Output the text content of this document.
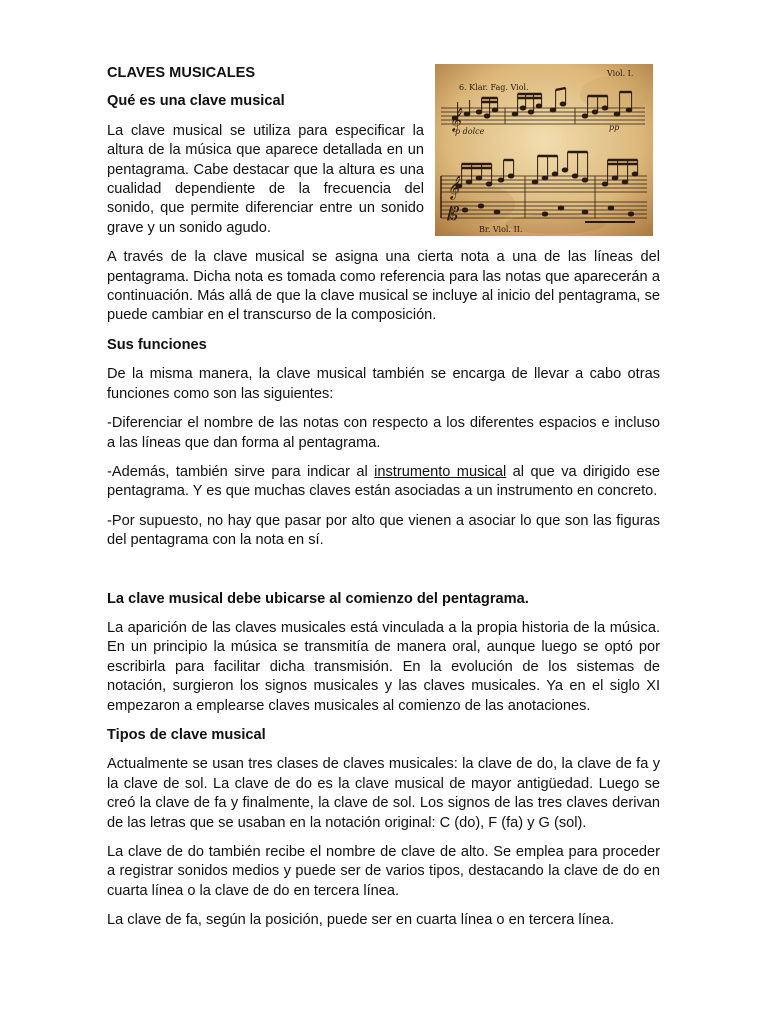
𝄞
𝄞
𝄡
6. Klar. Fag. Viol.
Viol. I.
p dolce	pp
Br. Viol. II.
CLAVES MUSICALES
Qué es una clave musical

La clave musical se utiliza para especificar la altura de la música que aparece detallada en un pentagrama. Cabe destacar que la altura es una cualidad dependiente de la frecuencia del sonido, que permite diferenciar entre un sonido grave y un sonido agudo.

A través de la clave musical se asigna una cierta nota a una de las líneas del pentagrama. Dicha nota es tomada como referencia para las notas que aparecerán a continuación. Más allá de que la clave musical se incluye al inicio del pentagrama, se puede cambiar en el transcurso de la composición.

Sus funciones

De la misma manera, la clave musical también se encarga de llevar a cabo otras funciones como son las siguientes:

-Diferenciar el nombre de las notas con respecto a los diferentes espacios e incluso a las líneas que dan forma al pentagrama.

-Además, también sirve para indicar al instrumento musical al que va dirigido ese pentagrama. Y es que muchas claves están asociadas a un instrumento en concreto.

-Por supuesto, no hay que pasar por alto que vienen a asociar lo que son las figuras del pentagrama con la nota en sí.

La clave musical debe ubicarse al comienzo del pentagrama.

La aparición de las claves musicales está vinculada a la propia historia de la música. En un principio la música se transmitía de manera oral, aunque luego se optó por escribirla para facilitar dicha transmisión. En la evolución de los sistemas de notación, surgieron los signos musicales y las claves musicales. Ya en el siglo XI empezaron a emplearse claves musicales al comienzo de las anotaciones.

Tipos de clave musical

Actualmente se usan tres clases de claves musicales: la clave de do, la clave de fa y la clave de sol. La clave de do es la clave musical de mayor antigüedad. Luego se creó la clave de fa y finalmente, la clave de sol. Los signos de las tres claves derivan de las letras que se usaban en la notación original: C (do), F (fa) y G (sol).

La clave de do también recibe el nombre de clave de alto. Se emplea para proceder a registrar sonidos medios y puede ser de varios tipos, destacando la clave de do en cuarta línea o la clave de do en tercera línea.

La clave de fa, según la posición, puede ser en cuarta línea o en tercera línea.
